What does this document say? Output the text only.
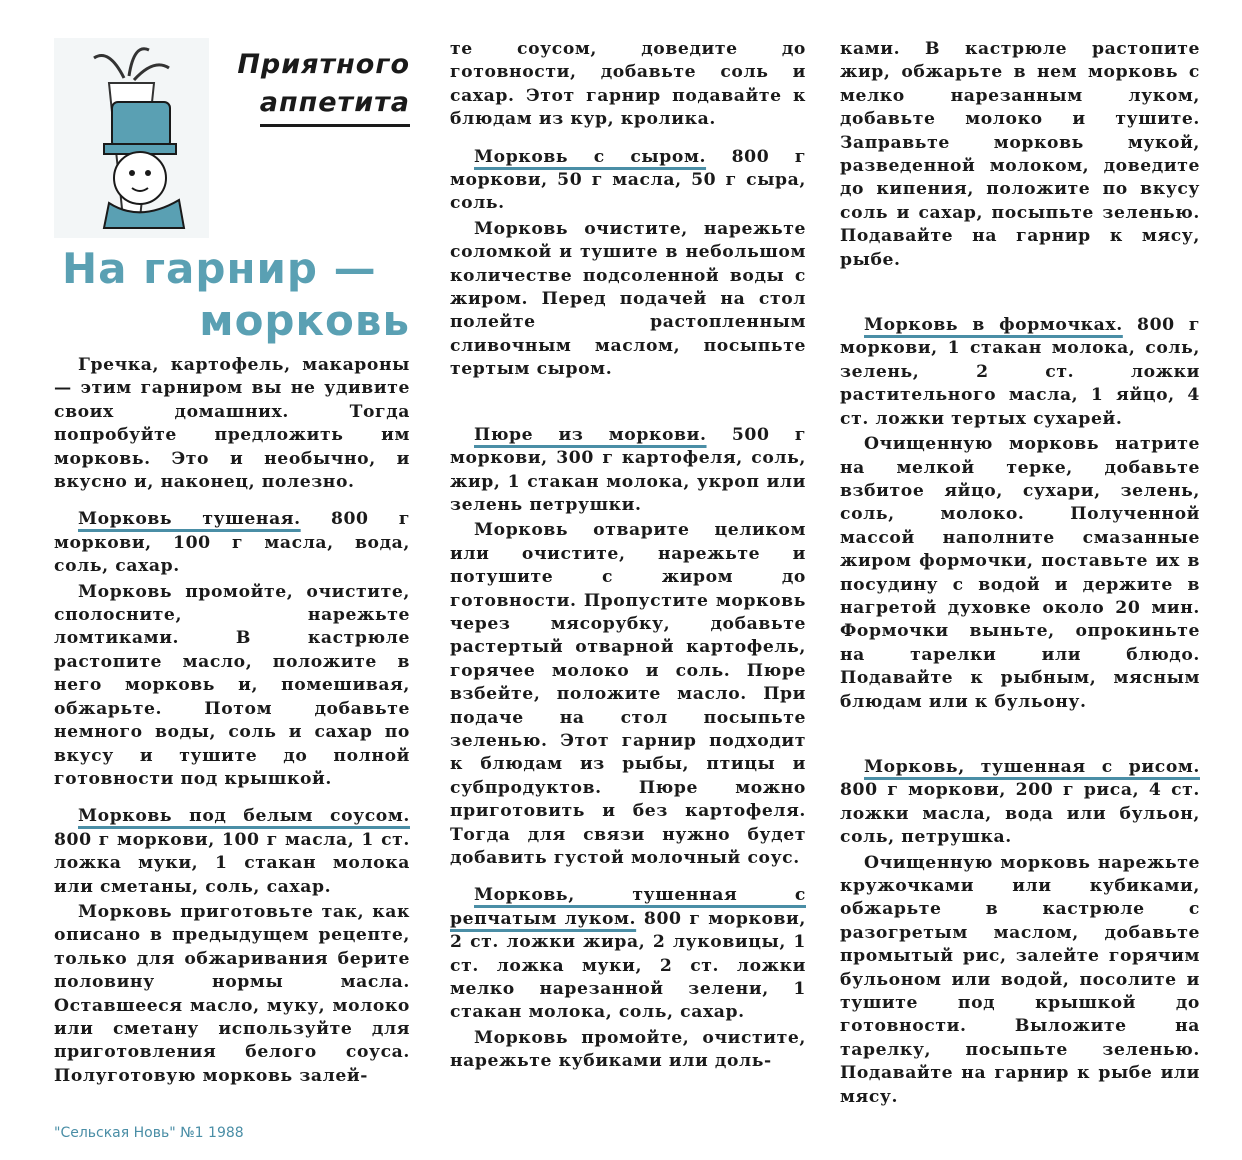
Приятного
аппетита
На гарнир —
морковь

Гречка, картофель, макароны — этим гарниром вы не удивите своих домашних. Тогда попробуйте предложить им морковь. Это и необычно, и вкусно и, наконец, полезно.

Морковь тушеная. 800 г моркови, 100 г масла, вода, соль, сахар.

Морковь промойте, очистите, сполосните, нарежьте ломтиками. В кастрюле растопите масло, положите в него морковь и, помешивая, обжарьте. Потом добавьте немного воды, соль и сахар по вкусу и тушите до полной готовности под крышкой.

Морковь под белым соусом. 800 г моркови, 100 г масла, 1 ст. ложка муки, 1 стакан молока или сметаны, соль, сахар.

Морковь приготовьте так, как описано в предыдущем рецепте, только для обжаривания берите половину нормы масла. Оставшееся масло, муку, молоко или сметану используйте для приготовления белого соуса. Полуготовую морковь залей-

те соусом, доведите до готовности, добавьте соль и сахар. Этот гарнир подавайте к блюдам из кур, кролика.

Морковь с сыром. 800 г моркови, 50 г масла, 50 г сыра, соль.

Морковь очистите, нарежьте соломкой и тушите в небольшом количестве подсоленной воды с жиром. Перед подачей на стол полейте растопленным сливочным маслом, посыпьте тертым сыром.

Пюре из моркови. 500 г моркови, 300 г картофеля, соль, жир, 1 стакан молока, укроп или зелень петрушки.

Морковь отварите целиком или очистите, нарежьте и потушите с жиром до готовности. Пропустите морковь через мясорубку, добавьте растертый отварной картофель, горячее молоко и соль. Пюре взбейте, положите масло. При подаче на стол посыпьте зеленью. Этот гарнир подходит к блюдам из рыбы, птицы и субпродуктов. Пюре можно приготовить и без картофеля. Тогда для связи нужно будет добавить густой молочный соус.

Морковь, тушенная с репчатым луком. 800 г моркови, 2 ст. ложки жира, 2 луковицы, 1 ст. ложка муки, 2 ст. ложки мелко нарезанной зелени, 1 стакан молока, соль, сахар.

Морковь промойте, очистите, нарежьте кубиками или доль-

ками. В кастрюле растопите жир, обжарьте в нем морковь с мелко нарезанным луком, добавьте молоко и тушите. Заправьте морковь мукой, разведенной молоком, доведите до кипения, положите по вкусу соль и сахар, посыпьте зеленью. Подавайте на гарнир к мясу, рыбе.

Морковь в формочках. 800 г моркови, 1 стакан молока, соль, зелень, 2 ст. ложки растительного масла, 1 яйцо, 4 ст. ложки тертых сухарей.

Очищенную морковь натрите на мелкой терке, добавьте взбитое яйцо, сухари, зелень, соль, молоко. Полученной массой наполните смазанные жиром формочки, поставьте их в посудину с водой и держите в нагретой духовке около 20 мин. Формочки выньте, опрокиньте на тарелки или блюдо. Подавайте к рыбным, мясным блюдам или к бульону.

Морковь, тушенная с рисом. 800 г моркови, 200 г риса, 4 ст. ложки масла, вода или бульон, соль, петрушка.

Очищенную морковь нарежьте кружочками или кубиками, обжарьте в кастрюле с разогретым маслом, добавьте промытый рис, залейте горячим бульоном или водой, посолите и тушите под крышкой до готовности. Выложите на тарелку, посыпьте зеленью. Подавайте на гарнир к рыбе или мясу.

"Сельская Новь" №1 1988
